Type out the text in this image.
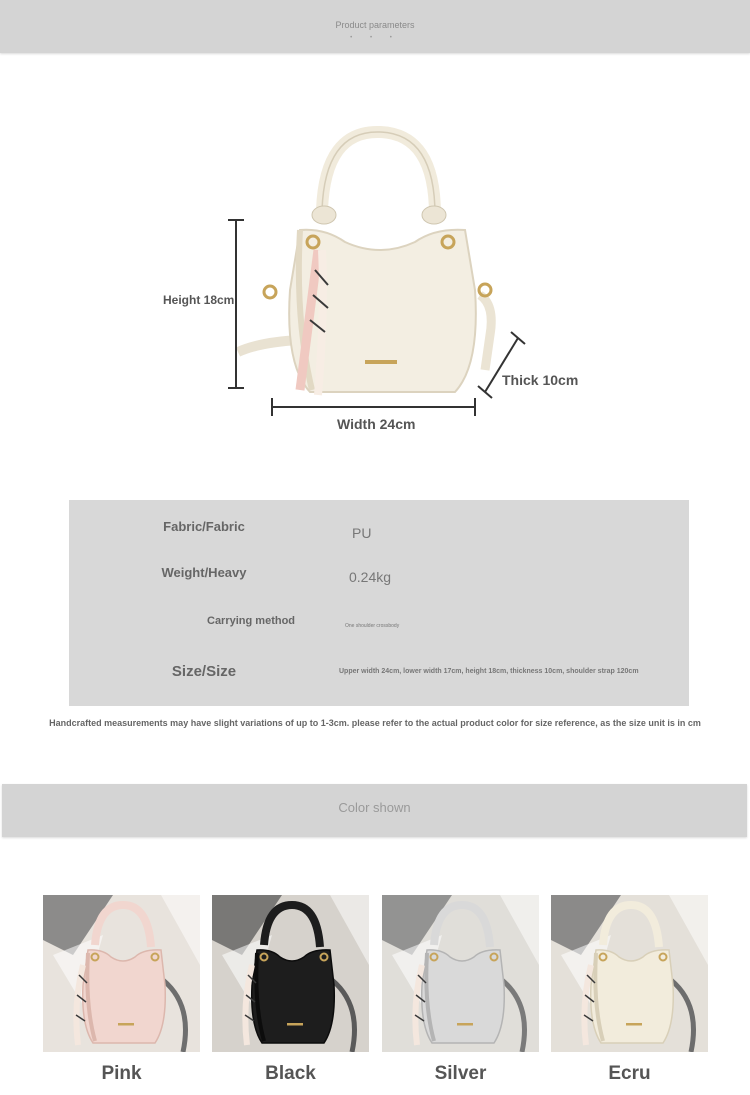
Product parameters
• • •
Height 18cm
Width 24cm
Thick 10cm
Fabric/Fabric	PU
Weight/Heavy	0.24kg
Carrying method	One shoulder crossbody
Size/Size	Upper width 24cm, lower width 17cm, height 18cm, thickness 10cm, shoulder strap 120cm
Handcrafted measurements may have slight variations of up to 1-3cm. please refer to the actual product color for size reference, as the size unit is in cm
Color shown
Pink	Black	Silver	Ecru
